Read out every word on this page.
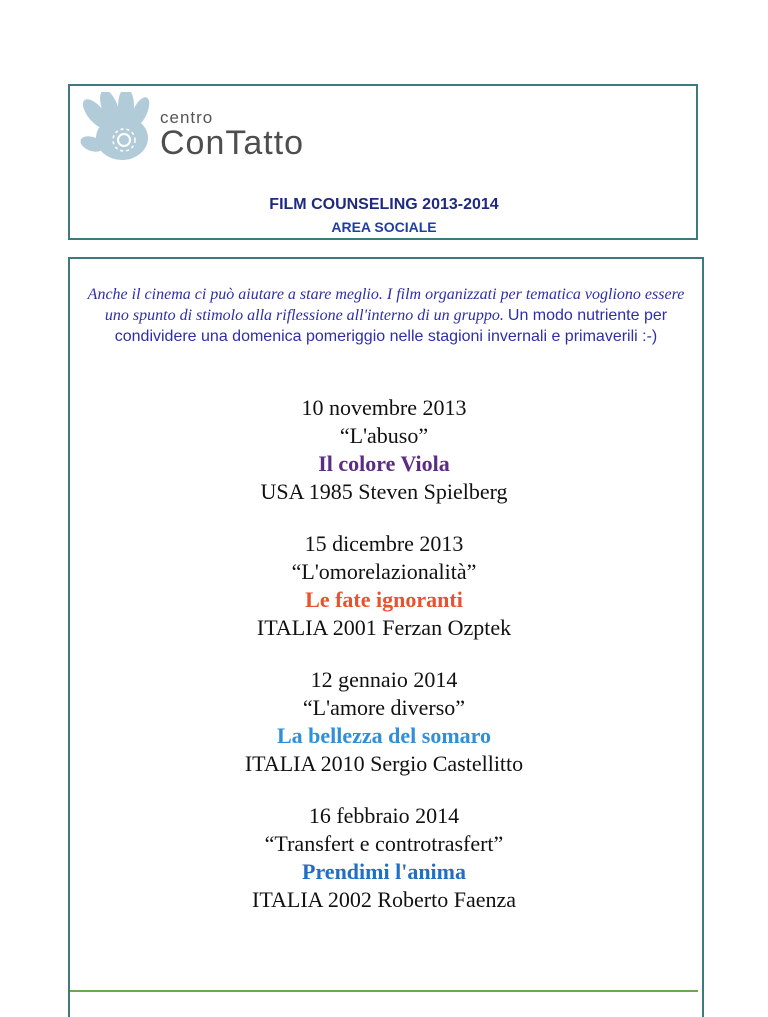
centro
ConTatto
FILM COUNSELING 2013-2014
AREA SOCIALE
Anche il cinema ci può aiutare a stare meglio. I film organizzati per tematica vogliono essere uno spunto di stimolo alla riflessione all'interno di un gruppo. Un modo nutriente per condividere una domenica pomeriggio nelle stagioni invernali e primaverili :-)
10 novembre 2013
“L'abuso”
Il colore Viola
USA 1985 Steven Spielberg
15 dicembre 2013
“L'omorelazionalità”
Le fate ignoranti
ITALIA 2001 Ferzan Ozptek
12 gennaio 2014
“L'amore diverso”
La bellezza del somaro
ITALIA 2010 Sergio Castellitto
16 febbraio 2014
“Transfert e controtrasfert”
Prendimi l'anima
ITALIA 2002 Roberto Faenza
